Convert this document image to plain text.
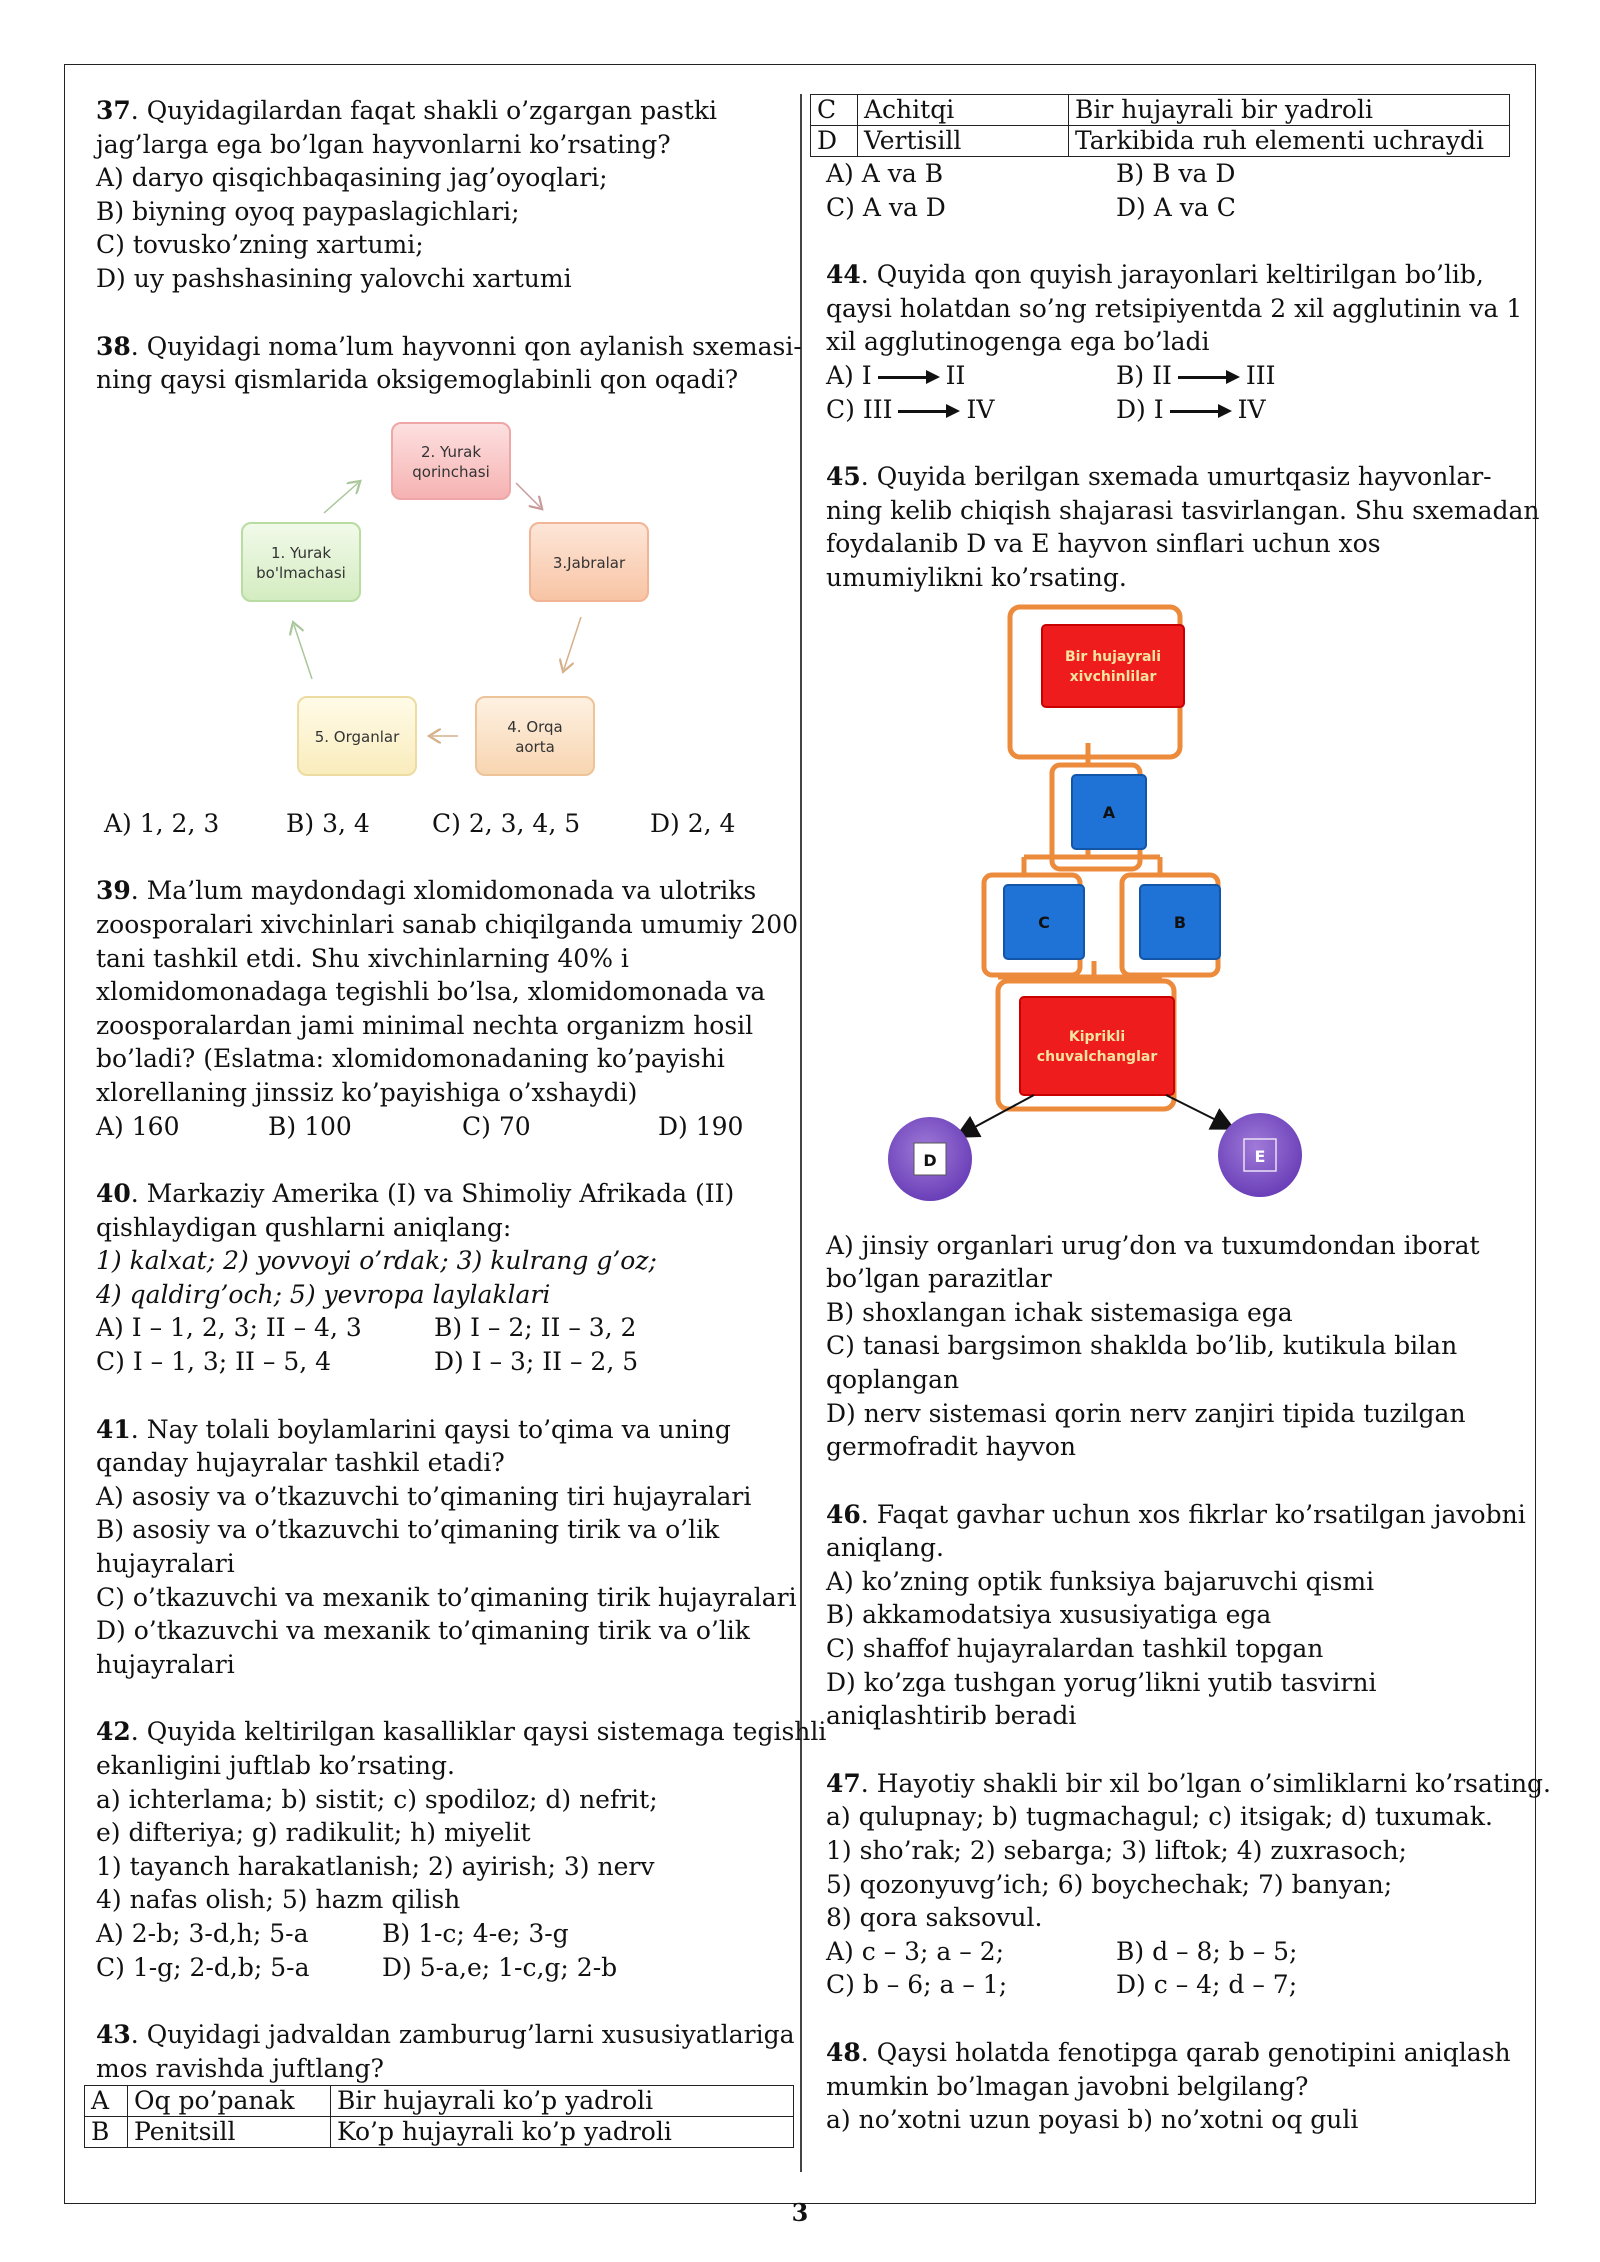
37. Quyidagilardan faqat shakli o’zgargan pastki
jag’larga ega bo’lgan hayvonlarni ko’rsating?
A) daryo qisqichbaqasining jag’oyoqlari;
B) biyning oyoq paypaslagichlari;
C) tovusko’zning xartumi;
D) uy pashshasining yalovchi xartumi
38. Quyidagi noma’lum hayvonni qon aylanish sxemasi-
ning qaysi qismlarida oksigemoglabinli qon oqadi?
2. Yurak
qorinchasi
1. Yurak
bo'lmachasi
3.Jabralar
4. Orqa
aorta
5. Organlar
A) 1, 2, 3	B) 3, 4	C) 2, 3, 4, 5	D) 2, 4
39. Ma’lum maydondagi xlomidomonada va ulotriks
zoosporalari xivchinlari sanab chiqilganda umumiy 200
tani tashkil etdi. Shu xivchinlarning 40% i
xlomidomonadaga tegishli bo’lsa, xlomidomonada va
zoosporalardan jami minimal nechta organizm hosil
bo’ladi? (Eslatma: xlomidomonadaning ko’payishi
xlorellaning jinssiz ko’payishiga o’xshaydi)
A) 160	B) 100	C) 70	D) 190
40. Markaziy Amerika (I) va Shimoliy Afrikada (II)
qishlaydigan qushlarni aniqlang:
1) kalxat; 2) yovvoyi o’rdak; 3) kulrang g’oz;
4) qaldirg’och; 5) yevropa laylaklari
A) I – 1, 2, 3; II – 4, 3	B) I – 2; II – 3, 2
C) I – 1, 3; II – 5, 4	D) I – 3; II – 2, 5
41. Nay tolali boylamlarini qaysi to’qima va uning
qanday hujayralar tashkil etadi?
A) asosiy va o’tkazuvchi to’qimaning tiri hujayralari
B) asosiy va o’tkazuvchi to’qimaning tirik va o’lik
hujayralari
C) o’tkazuvchi va mexanik to’qimaning tirik hujayralari
D) o’tkazuvchi va mexanik to’qimaning tirik va o’lik
hujayralari
42. Quyida keltirilgan kasalliklar qaysi sistemaga tegishli
ekanligini juftlab ko’rsating.
a) ichterlama; b) sistit; c) spodiloz; d) nefrit;
e) difteriya; g) radikulit; h) miyelit
1) tayanch harakatlanish; 2) ayirish; 3) nerv
4) nafas olish; 5) hazm qilish
A) 2-b; 3-d,h; 5-a	B) 1-c; 4-e; 3-g
C) 1-g; 2-d,b; 5-a	D) 5-a,e; 1-c,g; 2-b
43. Quyidagi jadvaldan zamburug’larni xususiyatlariga
mos ravishda juftlang?
A	Oq po’panak	Bir hujayrali ko’p yadroli
B	Penitsill	Ko’p hujayrali ko’p yadroli
C	Achitqi	Bir hujayrali bir yadroli
D	Vertisill	Tarkibida ruh elementi uchraydi
A) A va B	B) B va D
C) A va D	D) A va C
44. Quyida qon quyish jarayonlari keltirilgan bo’lib,
qaysi holatdan so’ng retsipiyentda 2 xil agglutinin va 1
xil agglutinogenga ega bo’ladi
A) I	II	B) II	III
C) III	IV	D) I	IV
45. Quyida berilgan sxemada umurtqasiz hayvonlar-
ning kelib chiqish shajarasi tasvirlangan. Shu sxemadan
foydalanib D va E hayvon sinflari uchun xos
umumiylikni ko’rsating.
Bir hujayrali
xivchinlilar
A
C	B
Kiprikli
chuvalchanglar
D	E
A) jinsiy organlari urug’don va tuxumdondan iborat
bo’lgan parazitlar
B) shoxlangan ichak sistemasiga ega
C) tanasi bargsimon shaklda bo’lib, kutikula bilan
qoplangan
D) nerv sistemasi qorin nerv zanjiri tipida tuzilgan
germofradit hayvon
46. Faqat gavhar uchun xos fikrlar ko’rsatilgan javobni
aniqlang.
A) ko’zning optik funksiya bajaruvchi qismi
B) akkamodatsiya xususiyatiga ega
C) shaffof hujayralardan tashkil topgan
D) ko’zga tushgan yorug’likni yutib tasvirni
aniqlashtirib beradi
47. Hayotiy shakli bir xil bo’lgan o’simliklarni ko’rsating.
a) qulupnay; b) tugmachagul; c) itsigak; d) tuxumak.
1) sho’rak; 2) sebarga; 3) liftok; 4) zuxrasoch;
5) qozonyuvg’ich; 6) boychechak; 7) banyan;
8) qora saksovul.
A) c – 3; a – 2;	B) d – 8; b – 5;
C) b – 6; a – 1;	D) c – 4; d – 7;
48. Qaysi holatda fenotipga qarab genotipini aniqlash
mumkin bo’lmagan javobni belgilang?
a) no’xotni uzun poyasi b) no’xotni oq guli
3
